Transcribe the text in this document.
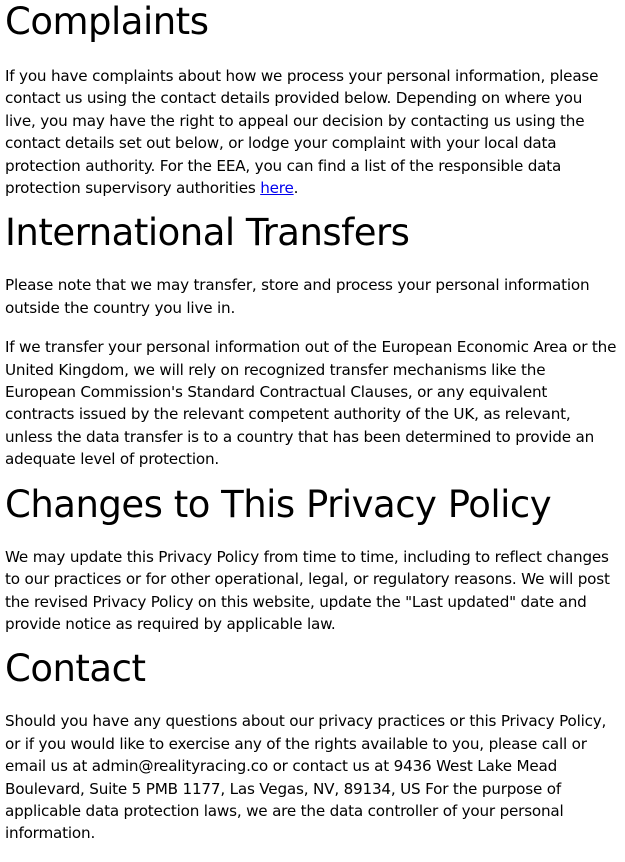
Complaints

If you have complaints about how we process your personal information, please contact us using the contact details provided below. Depending on where you live, you may have the right to appeal our decision by contacting us using the contact details set out below, or lodge your complaint with your local data protection authority. For the EEA, you can find a list of the responsible data protection supervisory authorities here.

International Transfers

Please note that we may transfer, store and process your personal information outside the country you live in.

If we transfer your personal information out of the European Economic Area or the United Kingdom, we will rely on recognized transfer mechanisms like the European Commission's Standard Contractual Clauses, or any equivalent contracts issued by the relevant competent authority of the UK, as relevant, unless the data transfer is to a country that has been determined to provide an adequate level of protection.

Changes to This Privacy Policy

We may update this Privacy Policy from time to time, including to reflect changes to our practices or for other operational, legal, or regulatory reasons. We will post the revised Privacy Policy on this website, update the "Last updated" date and provide notice as required by applicable law.

Contact

Should you have any questions about our privacy practices or this Privacy Policy, or if you would like to exercise any of the rights available to you, please call or email us at admin@realityracing.co or contact us at 9436 West Lake Mead Boulevard, Suite 5 PMB 1177, Las Vegas, NV, 89134, US For the purpose of applicable data protection laws, we are the data controller of your personal information.
